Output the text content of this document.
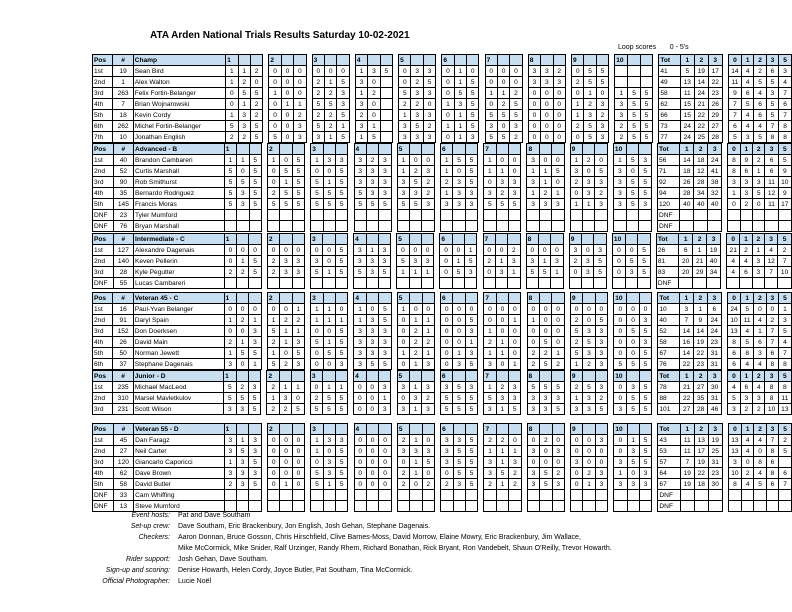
ATA Arden National Trials Results Saturday 10-02-2021
Loop scores 0 - 5's
Pos	#	Champ	1				2				3				4				5				6				7				8				9				10				Tot	1	2	3		0	1	2	3	5
1st	19	Sean Bird	1	1	2		0	0	0		0	0	0		1	3	5		0	3	3		0	1	0		0	0	0		3	3	2		0	5	5						41	5	19	17		14	4	2	6	3
2nd	1	Alex Walton	1	2	0		0	0	0		2	1	5		3	0			0	2	5		0	1	5		0	0	0		3	3	3		2	5	5						49	13	14	22		11	4	5	5	4
3rd	263	Felix Fortin-Belanger	0	5	5		1	0	0		2	2	3		1	2			5	3	3		0	5	5		1	1	2		0	0	0		0	1	0		1	5	5		58	11	24	23		9	6	4	3	7
4th	7	Brian Wojnarowski	0	1	2		0	1	1		5	5	3		3	0			2	2	0		1	3	5		0	2	5		0	0	0		1	2	3		3	5	5		62	15	21	26		7	5	6	5	6
5th	18	Kevin Cordy	1	3	2		0	0	2		2	2	5		2	0			1	3	3		0	1	5		5	5	5		0	0	0		1	3	2		3	5	5		66	15	22	29		7	4	6	5	7
6th	262	Michel Fortin-Belanger	5	3	5		0	0	3		5	2	1		3	1			3	5	2		1	1	5		3	0	3		0	0	0		2	5	3		2	5	5		73	24	22	27		6	4	4	7	8
7th	10	Jonathan English	2	2	5		5	0	3		3	1	5		1	5			3	3	3		0	1	3		5	5	2		0	0	0		0	5	3		2	5	5		77	24	25	28		5	3	5	8	8
Pos	#	Advanced - B	1				2				3				4				5				6				7				8				9				10				Tot	1	2	3		0	1	2	3	5
1st	40	Brandon Cambareri	1	1	5		1	0	5		1	3	3		3	2	3		1	0	0		1	5	5		1	0	0		3	0	0		1	2	0		1	5	3		56	14	18	24		8	9	2	6	5
2nd	52	Curtis Marshall	5	0	5		0	5	5		0	0	5		3	3	3		1	2	3		1	0	5		1	1	0		1	1	5		3	0	5		3	0	5		71	18	12	41		8	6	1	6	9
3rd	90	Rob Smithurst	5	5	5		0	1	5		5	1	5		3	3	3		3	5	2		2	3	5		0	3	3		3	1	0		2	3	3		3	5	5		92	26	28	38		3	3	3	11	10
4th	35	Bernardo Rodriguez	5	3	5		2	5	5		5	5	5		5	3	3		3	3	2		1	3	3		3	2	3		1	2	1		0	3	2		3	5	5		94	28	34	32		1	3	5	12	9
5th	145	Francis Moras	5	3	5		5	5	5		5	5	5		5	5	5		5	5	3		3	3	3		5	5	5		3	3	3		1	1	3		3	5	3		120	40	40	40		0	2	0	11	17
DNF	23	Tyler Mumford																																									DNF									
DNF	76	Bryan Marshall																																									DNF									
Pos	#	Intermediate - C	1				2				3				4				5				6				7				8				9				10				Tot	1	2	3		0	1	2	3	5
1st	127	Alexandre Dagenais	0	0	0		0	0	0		0	0	5		3	1	3		0	0	0		0	0	1		0	0	2		0	0	0		3	0	3		0	0	5		26	6	1	19		21	2	1	4	2
2nd	140	Keven Pellerin	0	1	5		2	3	3		3	0	5		3	3	3		5	3	3		0	1	5		2	1	3		3	1	3		2	3	5		0	5	5		81	20	21	40		4	4	3	12	7
3rd	28	Kyle Pegutter	2	2	5		2	3	3		5	1	5		5	3	5		1	1	1		0	5	3		0	3	1		5	5	1		0	3	5		0	3	5		83	20	29	34		4	6	3	7	10
DNF	55	Lucas Cambareri																																									DNF									
Pos	#	Veteran 45 - C	1				2				3				4				5				6				7				8				9				10				Tot	1	2	3		0	1	2	3	5
1st	16	Paul-Yvan Belanger	0	0	0		0	0	1		1	1	0		1	0	5		1	0	0		0	0	0		0	0	0		0	0	0		0	0	0		0	0	0		10	3	1	6		24	5	0	0	1
2nd	91	Daryl Spain	1	2	1		1	2	2		1	1	1		1	3	5		0	1	1		0	0	5		0	0	1		1	0	0		2	0	5		0	0	3		40	7	9	24		10	11	4	2	3
3rd	152	Don Doerksen	0	0	3		5	1	1		0	0	5		3	3	3		0	2	1		0	0	3		1	0	0		0	0	0		5	3	3		0	5	5		52	14	14	24		13	4	1	7	5
4th	26	David Main	2	1	3		2	1	3		5	1	5		3	3	3		0	2	2		0	0	1		2	1	0		0	5	0		2	5	3		0	0	3		58	16	19	23		8	5	6	7	4
5th	50	Norman Jewett	1	5	5		1	0	5		0	5	5		3	3	3		1	2	1		0	1	3		1	1	0		2	2	1		5	3	3		0	0	5		67	14	22	31		6	8	3	6	7
6th	37	Stephane Dagenais	3	0	1		5	2	3		0	0	3		3	5	5		0	1	3		0	3	5		3	0	1		2	5	2		1	2	3		5	5	5		76	22	23	31		6	4	4	8	8
Pos	#	Junior - D	1				2				3				4				5				6				7				8				9				10				Tot	1	2	3		0	1	2	3	5
1st	235	Michael MacLeod	5	2	3		2	1	1		0	1	1		0	0	3		3	1	3		3	5	3		1	2	3		5	5	5		2	5	3		0	3	5		78	21	27	30		4	6	4	8	8
2nd	310	Marsel Mavletkulov	5	5	5		1	3	0		2	5	5		0	0	1		0	3	2		5	5	5		5	3	3		3	3	3		1	3	2		0	5	5		88	22	35	31		5	3	3	8	11
3rd	231	Scott Wilson	3	3	5		2	2	5		5	5	5		0	0	3		3	1	3		5	5	5		3	1	5		3	3	5		3	3	5		3	5	5		101	27	28	46		3	2	2	10	13
Pos	#	Veteran 55 - D	1				2				3				4				5				6				7				8				9				10				Tot	1	2	3		0	1	2	3	5
1st	45	Dan Faragz	3	1	3		0	0	0		1	3	3		0	0	0		2	1	0		3	3	5		2	2	0		0	2	0		0	0	3		0	1	5		43	11	13	19		13	4	4	7	2
2nd	27	Neil Carter	3	5	3		0	0	0		1	0	5		0	0	0		3	3	3		3	5	5		1	1	1		3	0	3		0	0	0		0	3	5		53	11	17	25		13	4	0	8	5
3rd	120	Giancarlo Caporicci	1	3	5		0	0	0		0	3	5		0	0	0		0	1	5		3	5	5		3	1	3		0	0	0		3	0	0		3	5	5		57	7	19	31		3	0	8	6	
4th	62	Dave Brown	3	3	3		0	0	0		5	3	5		0	0	0		2	1	0		0	5	5		3	5	2		3	5	2		0	2	3		1	0	3		64	19	22	23		10	2	4	8	6
5th	58	David Butler	2	3	5		0	1	0		5	1	5		0	0	0		2	0	2		2	3	5		2	1	2		3	5	3		0	1	3		3	3	3		67	19	18	30		8	4	5	6	7
DNF	33	Cam Whiffing																																									DNF									
DNF	13	Steve Mumford																																									DNF									
Event hosts: Pat and Dave Southam
Set-up crew: Dave Southam, Eric Brackenbury, Jon English, Josh Gehan, Stephane Dagenais.
Checkers: Aaron Donnan, Bruce Gosson, Chris Hirschfield, Clive Barnes-Moss, David Morrow, Elaine Mowry, Eric Brackenbury, Jim Wallace,
Mike McCormick, Mike Snider, Ralf Urzinger, Randy Rhem, Richard Bonathan, Rick Bryant, Ron Vandebelt, Shaun O'Reilly, Trevor Howarth.
Rider support: Josh Gehan, Dave Southam.
Sign-up and scoring: Denise Howarth, Helen Cordy, Joyce Butler, Pat Southam, Tina McCormick.
Official Photographer: Lucie Noël
